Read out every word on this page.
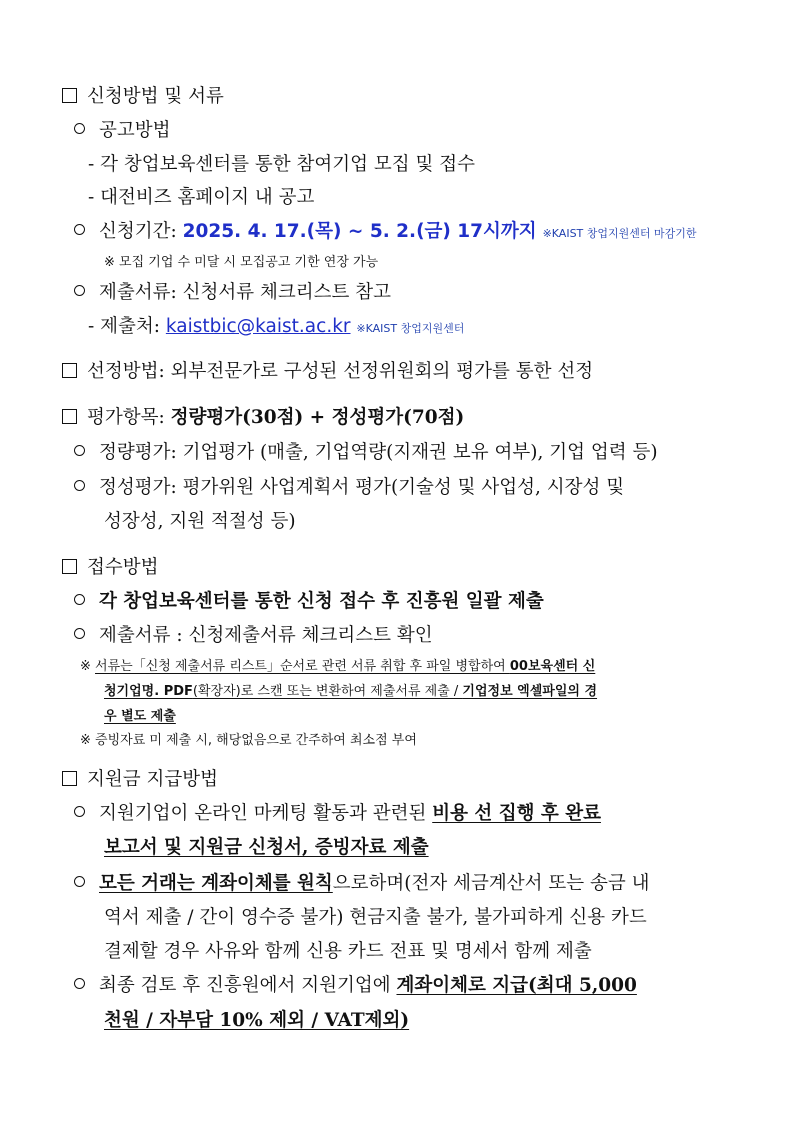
신청방법 및 서류
공고방법
- 각 창업보육센터를 통한 참여기업 모집 및 접수
- 대전비즈 홈페이지 내 공고
신청기간: 2025. 4. 17.(목) ~ 5. 2.(금) 17시까지 ※KAIST 창업지원센터 마감기한
※ 모집 기업 수 미달 시 모집공고 기한 연장 가능
제출서류: 신청서류 체크리스트 참고
- 제출처: kaistbic@kaist.ac.kr ※KAIST 창업지원센터
선정방법: 외부전문가로 구성된 선정위원회의 평가를 통한 선정
평가항목: 정량평가(30점) + 정성평가(70점)
정량평가: 기업평가 (매출, 기업역량(지재권 보유 여부), 기업 업력 등)
정성평가: 평가위원 사업계획서 평가(기술성 및 사업성, 시장성 및
성장성, 지원 적절성 등)
접수방법
각 창업보육센터를 통한 신청 접수 후 진흥원 일괄 제출
제출서류 : 신청제출서류 체크리스트 확인
※ 서류는「신청 제출서류 리스트」순서로 관련 서류 취합 후 파일 병합하여 00보육센터 신
청기업명. PDF(확장자)로 스캔 또는 변환하여 제출서류 제출 / 기업정보 엑셀파일의 경
우 별도 제출
※ 증빙자료 미 제출 시, 해당없음으로 간주하여 최소점 부여
지원금 지급방법
지원기업이 온라인 마케팅 활동과 관련된 비용 선 집행 후 완료
보고서 및 지원금 신청서, 증빙자료 제출
모든 거래는 계좌이체를 원칙으로하며(전자 세금계산서 또는 송금 내
역서 제출 / 간이 영수증 불가) 현금지출 불가, 불가피하게 신용 카드
결제할 경우 사유와 함께 신용 카드 전표 및 명세서 함께 제출
최종 검토 후 진흥원에서 지원기업에 계좌이체로 지급(최대 5,000
천원 / 자부담 10% 제외 / VAT제외)
